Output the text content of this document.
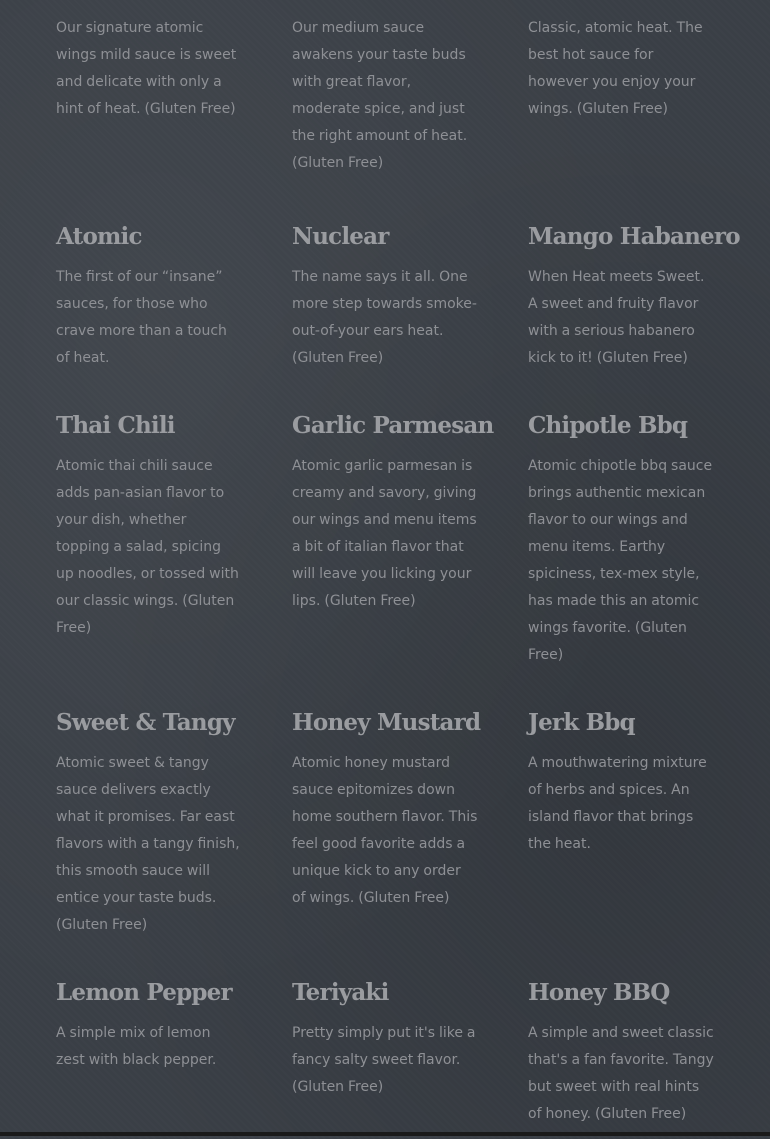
Our signature atomic wings mild sauce is sweet and delicate with only a hint of heat. (Gluten Free)

Our medium sauce awakens your taste buds with great flavor, moderate spice, and just the right amount of heat. (Gluten Free)

Classic, atomic heat. The best hot sauce for however you enjoy your wings. (Gluten Free)

Atomic

The first of our “insane” sauces, for those who crave more than a touch of heat.

Nuclear

The name says it all. One more step towards smoke-out-of-your ears heat. (Gluten Free)

Mango Habanero

When Heat meets Sweet. A sweet and fruity flavor with a serious habanero kick to it! (Gluten Free)

Thai Chili

Atomic thai chili sauce adds pan-asian flavor to your dish, whether topping a salad, spicing up noodles, or tossed with our classic wings. (Gluten Free)

Garlic Parmesan

Atomic garlic parmesan is creamy and savory, giving our wings and menu items a bit of italian flavor that will leave you licking your lips. (Gluten Free)

Chipotle Bbq

Atomic chipotle bbq sauce brings authentic mexican flavor to our wings and menu items. Earthy spiciness, tex-mex style, has made this an atomic wings favorite. (Gluten Free)

Sweet & Tangy

Atomic sweet & tangy sauce delivers exactly what it promises. Far east flavors with a tangy finish, this smooth sauce will entice your taste buds. (Gluten Free)

Honey Mustard

Atomic honey mustard sauce epitomizes down home southern flavor. This feel good favorite adds a unique kick to any order of wings. (Gluten Free)

Jerk Bbq

A mouthwatering mixture of herbs and spices. An island flavor that brings the heat.

Lemon Pepper

A simple mix of lemon zest with black pepper.

Teriyaki

Pretty simply put it's like a fancy salty sweet flavor. (Gluten Free)

Honey BBQ

A simple and sweet classic that's a fan favorite. Tangy but sweet with real hints of honey. (Gluten Free)
